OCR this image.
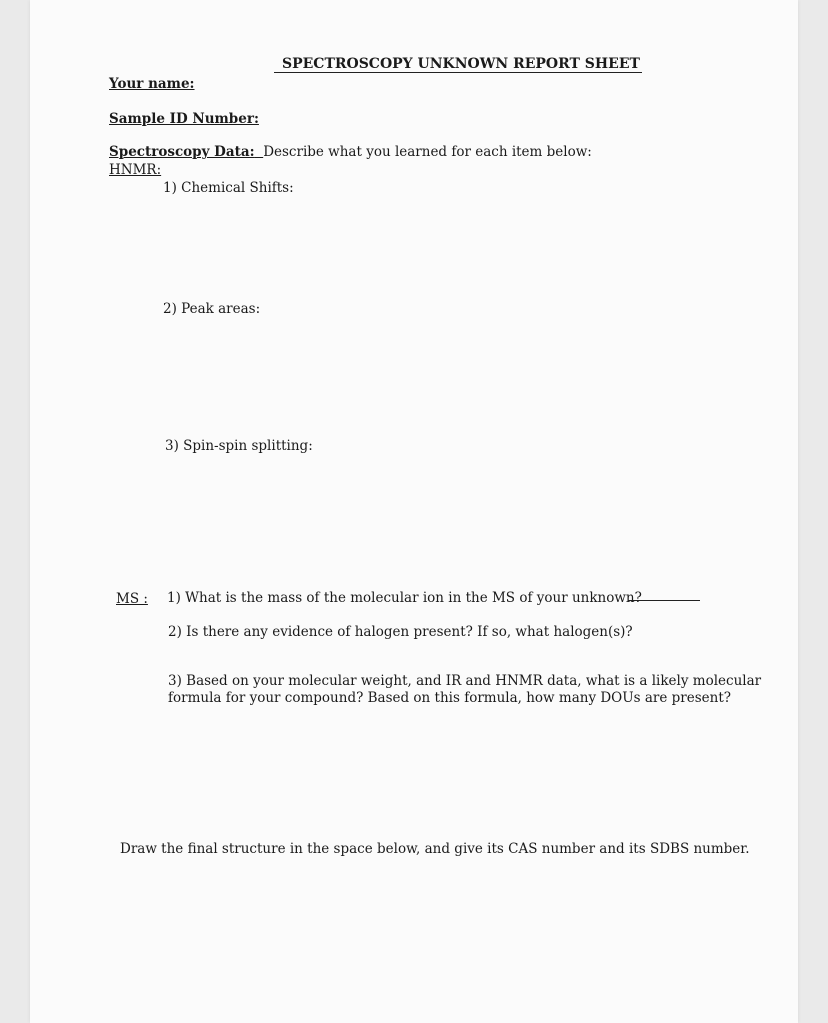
SPECTROSCOPY UNKNOWN REPORT SHEET
Your name:
Sample ID Number:
Spectroscopy Data: Describe what you learned for each item below:
HNMR:
1) Chemical Shifts:
2) Peak areas:
3) Spin-spin splitting:
MS : 1) What is the mass of the molecular ion in the MS of your unknown?
2) Is there any evidence of halogen present? If so, what halogen(s)?
3) Based on your molecular weight, and IR and HNMR data, what is a likely molecular
formula for your compound? Based on this formula, how many DOUs are present?
Draw the final structure in the space below, and give its CAS number and its SDBS number.
